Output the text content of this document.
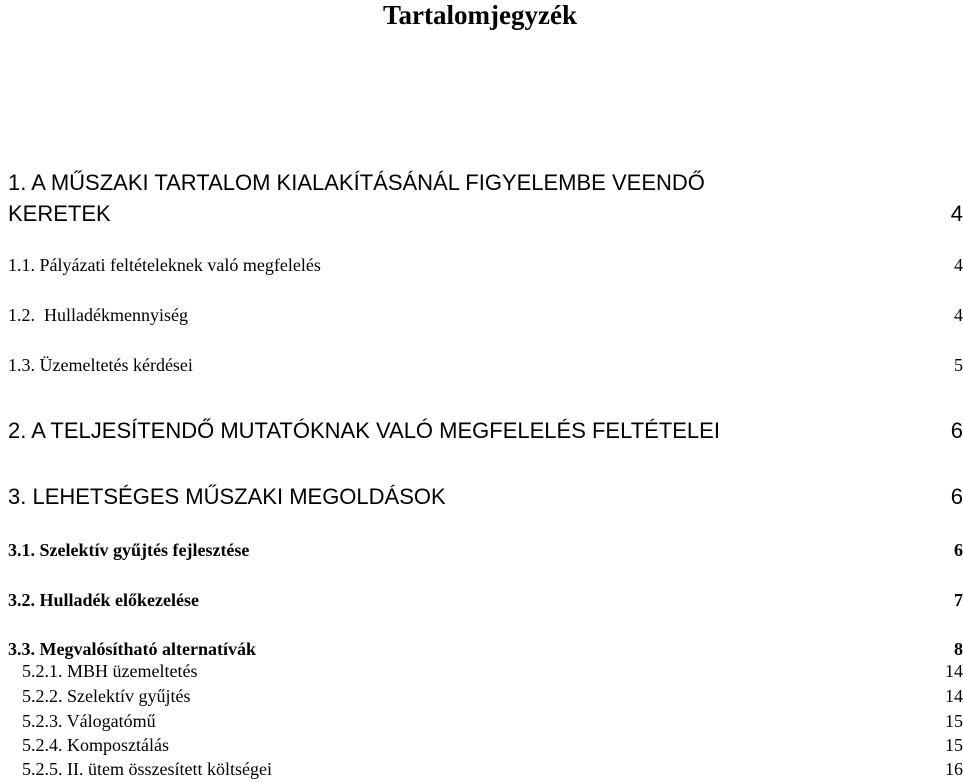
Tartalomjegyzék
1. A MŰSZAKI TARTALOM KIALAKÍTÁSÁNÁL FIGYELEMBE VEENDŐ
KERETEK	4
1.1. Pályázati feltételeknek való megfelelés	4
1.2.  Hulladékmennyiség	4
1.3. Üzemeltetés kérdései	5
2. A TELJESÍTENDŐ MUTATÓKNAK VALÓ MEGFELELÉS FELTÉTELEI	6
3. LEHETSÉGES MŰSZAKI MEGOLDÁSOK	6
3.1. Szelektív gyűjtés fejlesztése	6
3.2. Hulladék előkezelése	7
3.3. Megvalósítható alternatívák	8
5.2.1. MBH üzemeltetés	14
5.2.2. Szelektív gyűjtés	14
5.2.3. Válogatómű	15
5.2.4. Komposztálás	15
5.2.5. II. ütem összesített költségei	16
